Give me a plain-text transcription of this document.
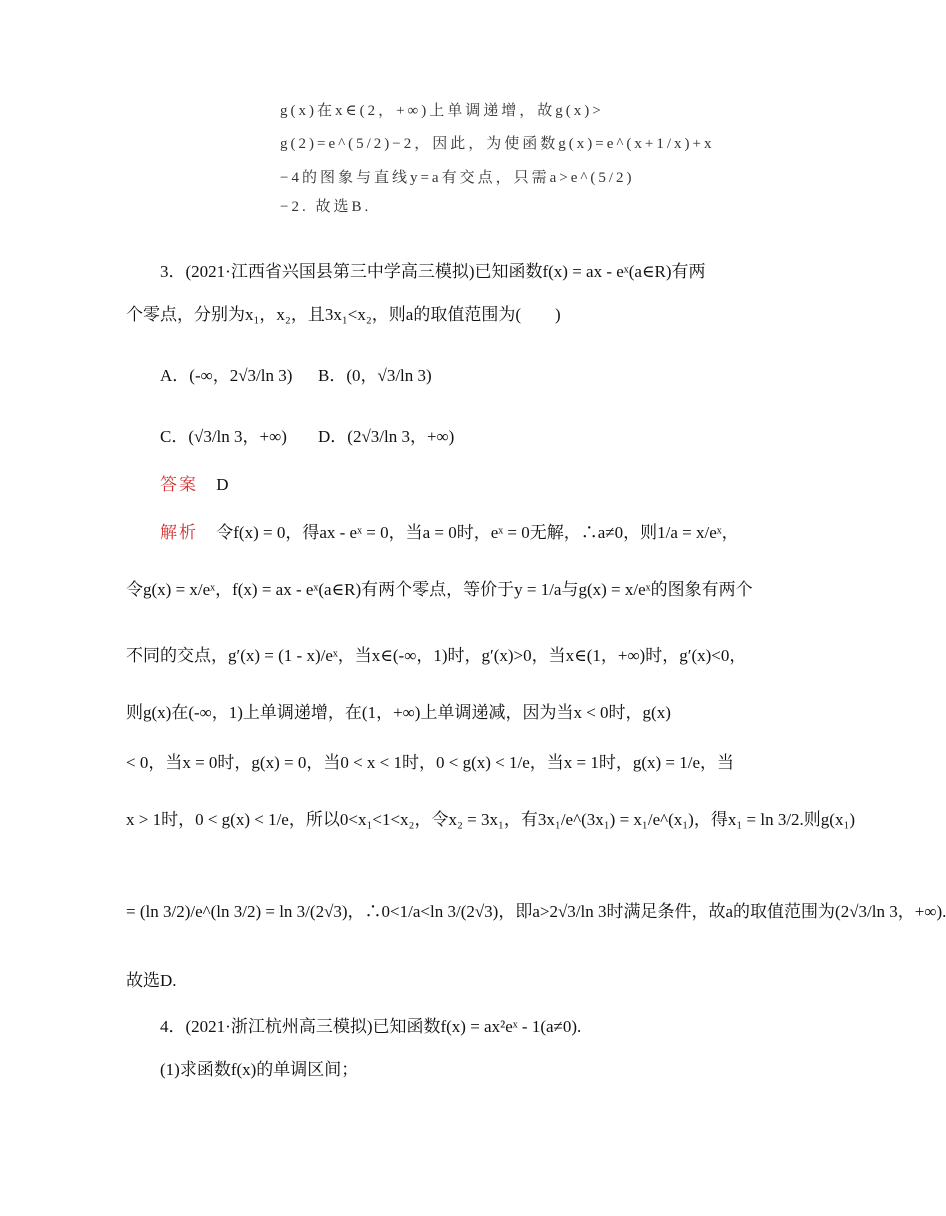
g(x)在x∈(2，+∞)上单调递增，故g(x)>
g(2)=e^(5/2)−2，因此，为使函数g(x)=e^(x+1/x)+x
−4的图象与直线y=a有交点，只需a>e^(5/2)
−2. 故选B.
3．(2021·江西省兴国县第三中学高三模拟)已知函数f(x) = ax - eˣ(a∈R)有两
个零点，分别为x₁，x₂，且3x₁<x₂，则a的取值范围为(　　)
A．(-∞，2√3/ln 3) B．(0，√3/ln 3)
C．(√3/ln 3，+∞) D．(2√3/ln 3，+∞)
答案 D
解析 令f(x) = 0，得ax - eˣ = 0，当a = 0时，eˣ = 0无解，∴a≠0，则1/a = x/eˣ，
令g(x) = x/eˣ，f(x) = ax - eˣ(a∈R)有两个零点，等价于y = 1/a与g(x) = x/eˣ的图象有两个
不同的交点，g′(x) = (1 - x)/eˣ，当x∈(-∞，1)时，g′(x)>0，当x∈(1，+∞)时，g′(x)<0，
则g(x)在(-∞，1)上单调递增，在(1，+∞)上单调递减，因为当x < 0时，g(x)
< 0，当x = 0时，g(x) = 0，当0 < x < 1时，0 < g(x) < 1/e，当x = 1时，g(x) = 1/e，当
x > 1时，0 < g(x) < 1/e，所以0<x₁<1<x₂，令x₂ = 3x₁，有3x₁/e^(3x₁) = x₁/e^(x₁)，得x₁ = ln 3/2.则g(x₁)
= (ln 3/2)/e^(ln 3/2) = ln 3/(2√3)，∴0<1/a<ln 3/(2√3)，即a>2√3/ln 3时满足条件，故a的取值范围为(2√3/ln 3，+∞).
故选D.
4．(2021·浙江杭州高三模拟)已知函数f(x) = ax²eˣ - 1(a≠0).
(1)求函数f(x)的单调区间；
